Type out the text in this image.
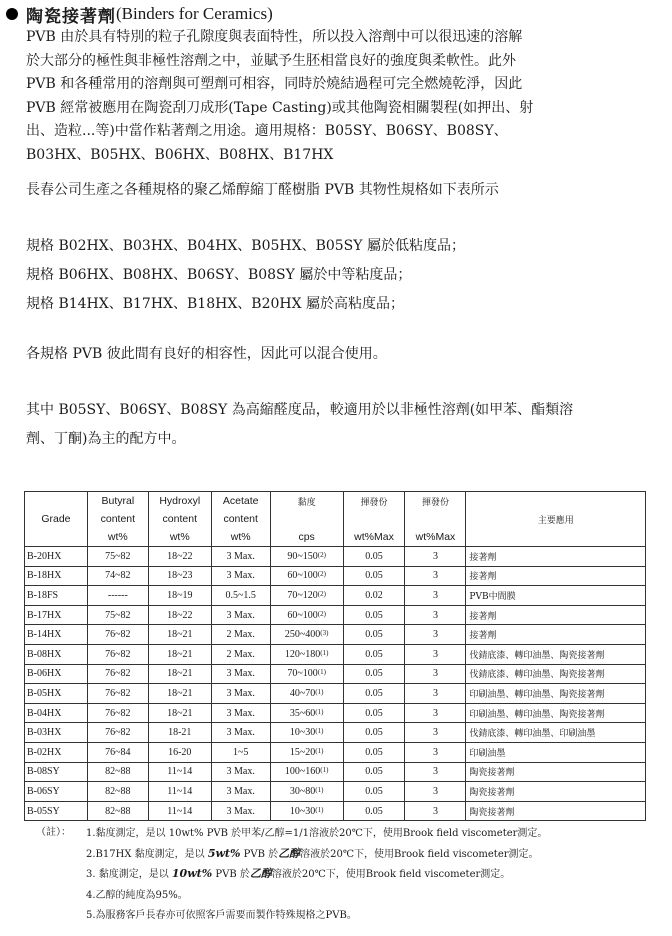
陶瓷接著劑 (Binders for Ceramics)

PVB 由於具有特別的粒子孔隙度與表面特性，所以投入溶劑中可以很迅速的溶解

於大部分的極性與非極性溶劑之中，並賦予生胚相當良好的強度與柔軟性。此外

PVB 和各種常用的溶劑與可塑劑可相容，同時於燒結過程可完全燃燒乾淨，因此

PVB 經常被應用在陶瓷刮刀成形(Tape Casting)或其他陶瓷相關製程(如押出、射

出、造粒...等)中當作粘著劑之用途。適用規格：B05SY、B06SY、B08SY、

B03HX、B05HX、B06HX、B08HX、B17HX

長春公司生產之各種規格的聚乙烯醇縮丁醛樹脂 PVB 其物性規格如下表所示

規格 B02HX、B03HX、B04HX、B05HX、B05SY 屬於低粘度品；

規格 B06HX、B08HX、B06SY、B08SY 屬於中等粘度品；

規格 B14HX、B17HX、B18HX、B20HX 屬於高粘度品；

各規格 PVB 彼此間有良好的相容性，因此可以混合使用。

其中 B05SY、B06SY、B08SY 為高縮醛度品，較適用於以非極性溶劑(如甲苯、酯類溶

劑、丁酮)為主的配方中。

Grade	Butyral	Hydroxyl	Acetate	黏度	揮發份	揮發份	主要應用
	content	content	content				
	wt%	wt%	wt%	cps	wt%Max	wt%Max	
B-20HX	75~82	18~22	3 Max.	90~150$^{(2)}$	0.05	3	接著劑
B-18HX	74~82	18~23	3 Max.	60~100$^{(2)}$	0.05	3	接著劑
B-18FS	------	18~19	0.5~1.5	70~120$^{(2)}$	0.02	3	PVB中間膜
B-17HX	75~82	18~22	3 Max.	60~100$^{(2)}$	0.05	3	接著劑
B-14HX	76~82	18~21	2 Max.	250~400$^{(3)}$	0.05	3	接著劑
B-08HX	76~82	18~21	2 Max.	120~180$^{(1)}$	0.05	3	伐錆底漆、轉印油墨、陶瓷接著劑
B-06HX	76~82	18~21	3 Max.	70~100$^{(1)}$	0.05	3	伐錆底漆、轉印油墨、陶瓷接著劑
B-05HX	76~82	18~21	3 Max.	40~70$^{(1)}$	0.05	3	印刷油墨、轉印油墨、陶瓷接著劑
B-04HX	76~82	18~21	3 Max.	35~60$^{(1)}$	0.05	3	印刷油墨、轉印油墨、陶瓷接著劑
B-03HX	76~82	18-21	3 Max.	10~30$^{(1)}$	0.05	3	伐錆底漆、轉印油墨、印刷油墨
B-02HX	76~84	16-20	1~5	15~20$^{(1)}$	0.05	3	印刷油墨
B-08SY	82~88	11~14	3 Max.	100~160$^{(1)}$	0.05	3	陶瓷接著劑
B-06SY	82~88	11~14	3 Max.	30~80$^{(1)}$	0.05	3	陶瓷接著劑
B-05SY	82~88	11~14	3 Max.	10~30$^{(1)}$	0.05	3	陶瓷接著劑
（註）： 1.黏度測定，是以 10wt% PVB 於甲苯/乙醇=1/1溶液於20℃下，使用Brook field viscometer測定。

2.B17HX 黏度測定，是以 5wt% PVB 於乙醇溶液於20℃下，使用Brook field viscometer測定。

3. 黏度測定，是以 10wt% PVB 於乙醇溶液於20℃下，使用Brook field viscometer測定。

4.乙醇的純度為95%。

5.為服務客戶長春亦可依照客戶需要而製作特殊規格之PVB。
